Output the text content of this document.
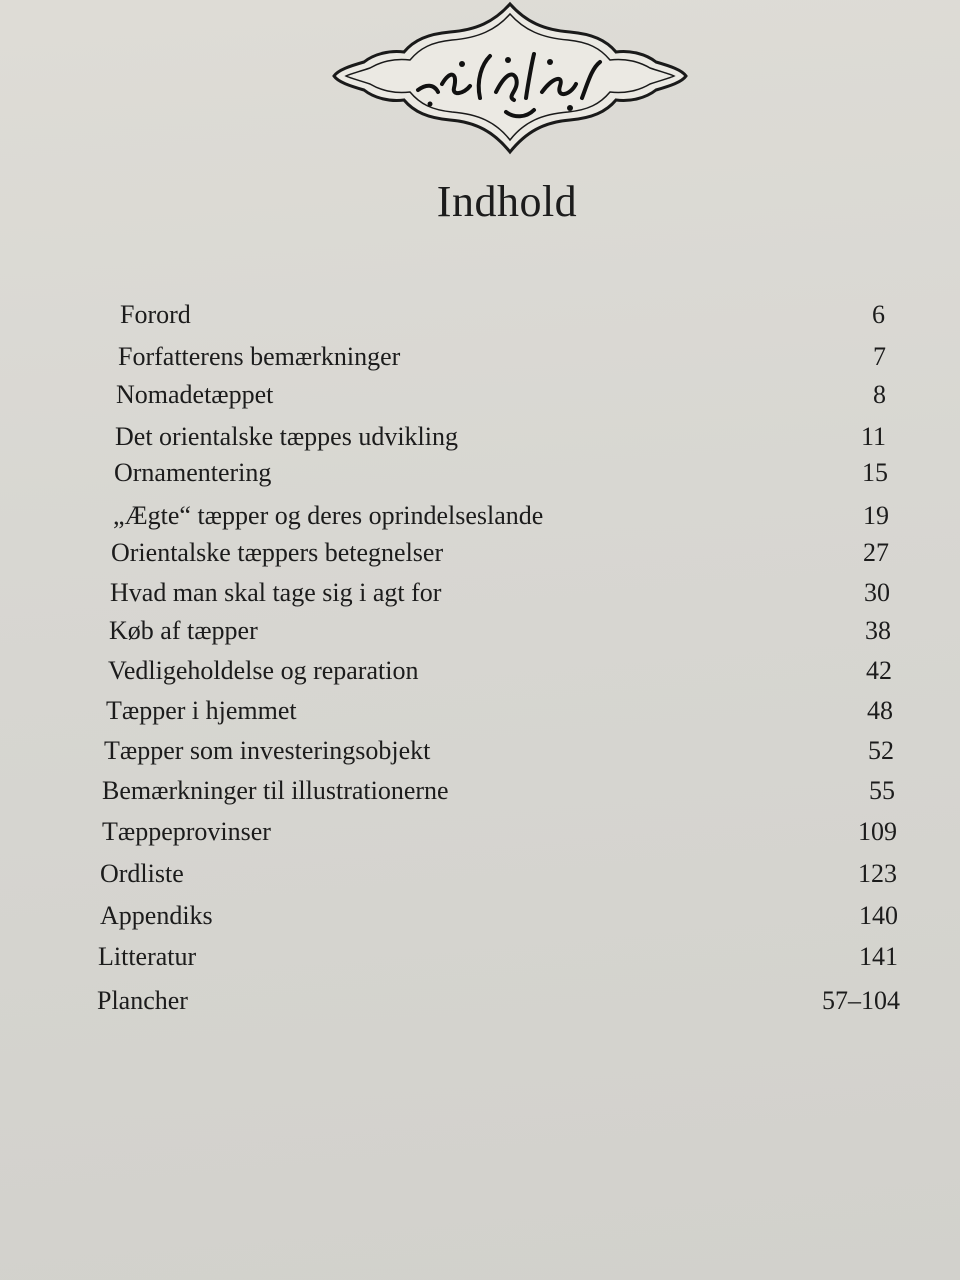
Indhold
Forord	6
Forfatterens bemærkninger	7
Nomadetæppet	8
Det orientalske tæppes udvikling	11
Ornamentering	15
„Ægte“ tæpper og deres oprindelseslande	19
Orientalske tæppers betegnelser	27
Hvad man skal tage sig i agt for	30
Køb af tæpper	38
Vedligeholdelse og reparation	42
Tæpper i hjemmet	48
Tæpper som investeringsobjekt	52
Bemærkninger til illustrationerne	55
Tæppeprovinser	109
Ordliste	123
Appendiks	140
Litteratur	141
Plancher	57–104
